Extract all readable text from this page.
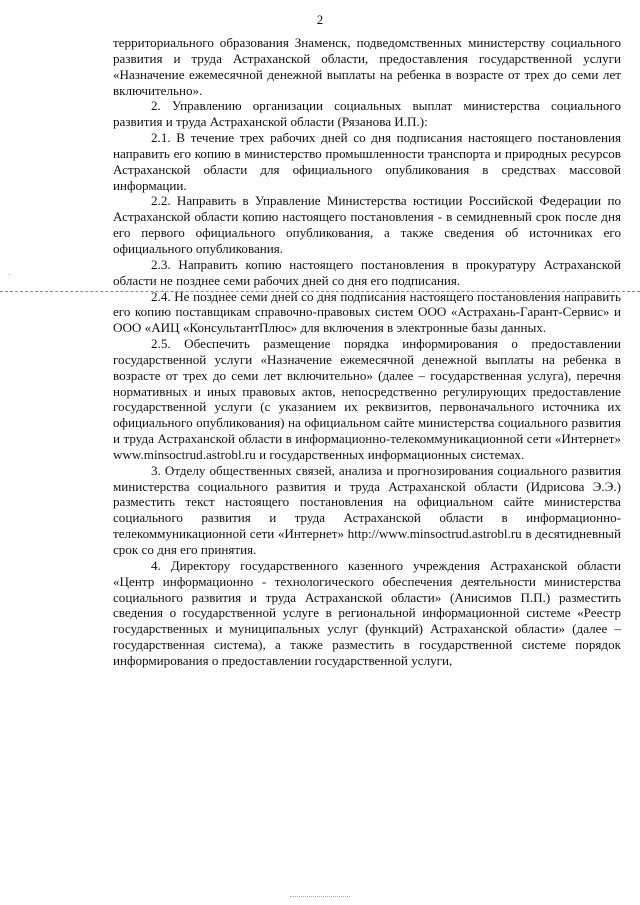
2
·

территориального образования Знаменск, подведомственных министерству социального развития и труда Астраханской области, предоставления государственной услуги «Назначение ежемесячной денежной выплаты на ребенка в возрасте от трех до семи лет включительно».

2. Управлению организации социальных выплат министерства социального развития и труда Астраханской области (Рязанова И.П.):

2.1. В течение трех рабочих дней со дня подписания настоящего постановления направить его копию в министерство промышленности транспорта и природных ресурсов Астраханской области для официального опубликования в средствах массовой информации.

2.2. Направить в Управление Министерства юстиции Российской Федерации по Астраханской области копию настоящего постановления - в семидневный срок после дня его первого официального опубликования, а также сведения об источниках его официального опубликования.

2.3. Направить копию настоящего постановления в прокуратуру Астраханской области не позднее семи рабочих дней со дня его подписания.

2.4. Не позднее семи дней со дня подписания настоящего постановления направить его копию поставщикам справочно-правовых систем ООО «Астрахань-Гарант-Сервис» и ООО «АИЦ «КонсультантПлюс» для включения в электронные базы данных.

2.5. Обеспечить размещение порядка информирования о предоставлении государственной услуги «Назначение ежемесячной денежной выплаты на ребенка в возрасте от трех до семи лет включительно» (далее – государственная услуга), перечня нормативных и иных правовых актов, непосредственно регулирующих предоставление государственной услуги (с указанием их реквизитов, первоначального источника их официального опубликования) на официальном сайте министерства социального развития и труда Астраханской области в информационно-телекоммуникационной сети «Интернет» www.minsoctrud.astrobl.ru и государственных информационных системах.

3. Отделу общественных связей, анализа и прогнозирования социального развития министерства социального развития и труда Астраханской области (Идрисова Э.Э.) разместить текст настоящего постановления на официальном сайте министерства социального развития и труда Астраханской области в информационно-телекоммуникационной сети «Интернет» http://www.minsoctrud.astrobl.ru в десятидневный срок со дня его принятия.

4. Директору государственного казенного учреждения Астраханской области «Центр информационно - технологического обеспечения деятельности министерства социального развития и труда Астраханской области» (Анисимов П.П.) разместить сведения о государственной услуге в региональной информационной системе «Реестр государственных и муниципальных услуг (функций) Астраханской области» (далее – государственная система), а также разместить в государственной системе порядок информирования о предоставлении государственной услуги,
